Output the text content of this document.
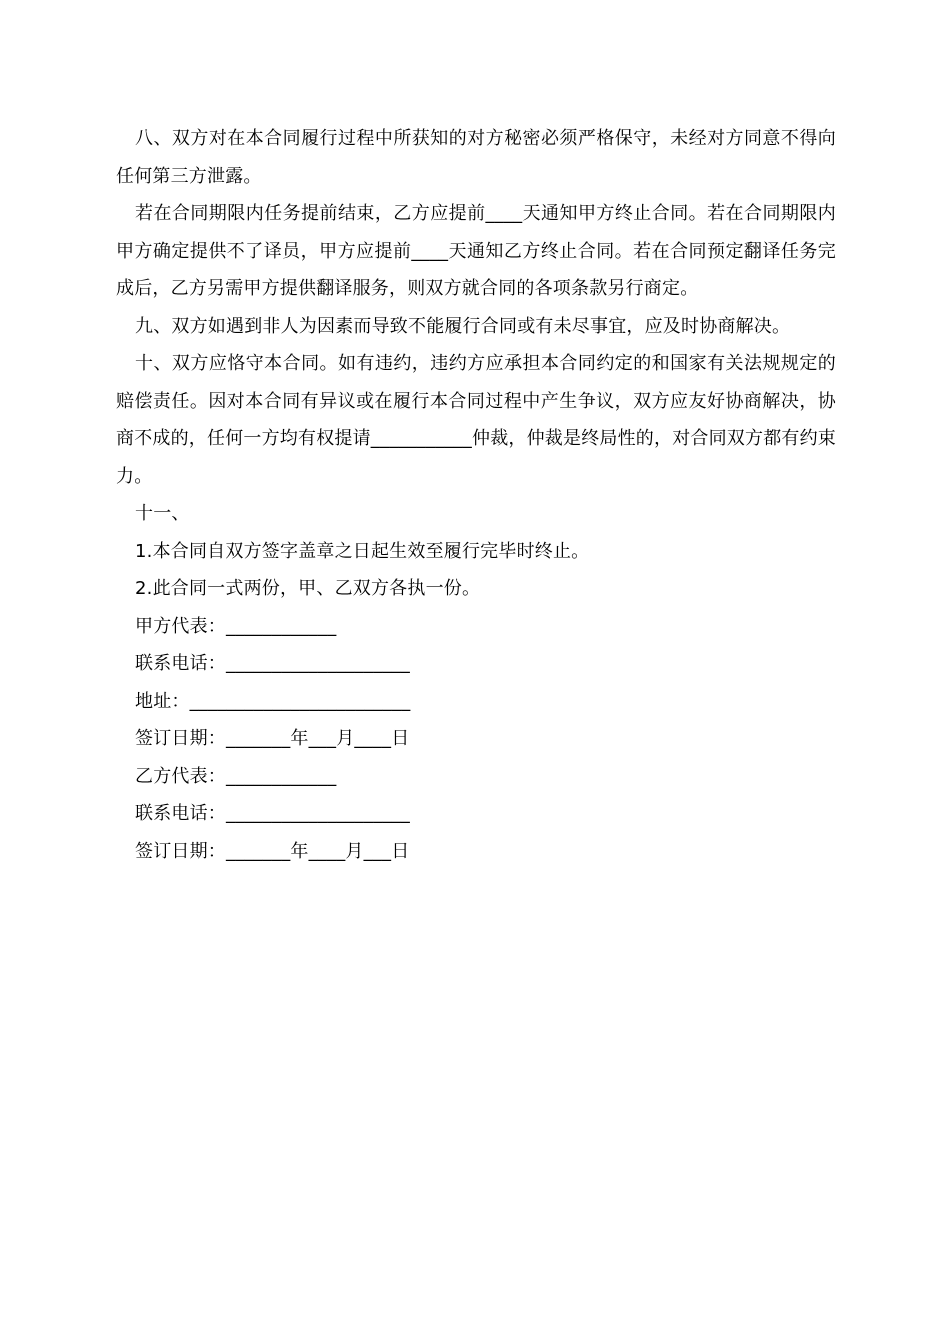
八、双方对在本合同履行过程中所获知的对方秘密必须严格保守，未经对方同意不得向任何第三方泄露。

若在合同期限内任务提前结束，乙方应提前____天通知甲方终止合同。若在合同期限内甲方确定提供不了译员，甲方应提前____天通知乙方终止合同。若在合同预定翻译任务完成后，乙方另需甲方提供翻译服务，则双方就合同的各项条款另行商定。

九、双方如遇到非人为因素而导致不能履行合同或有未尽事宜，应及时协商解决。

十、双方应恪守本合同。如有违约，违约方应承担本合同约定的和国家有关法规规定的赔偿责任。因对本合同有异议或在履行本合同过程中产生争议，双方应友好协商解决，协商不成的，任何一方均有权提请___________仲裁，仲裁是终局性的，对合同双方都有约束力。

十一、
1.本合同自双方签字盖章之日起生效至履行完毕时终止。
2.此合同一式两份，甲、乙双方各执一份。
甲方代表：____________
联系电话：____________________
地址：________________________
签订日期：_______年___月____日
乙方代表：____________
联系电话：____________________
签订日期：_______年____月___日
